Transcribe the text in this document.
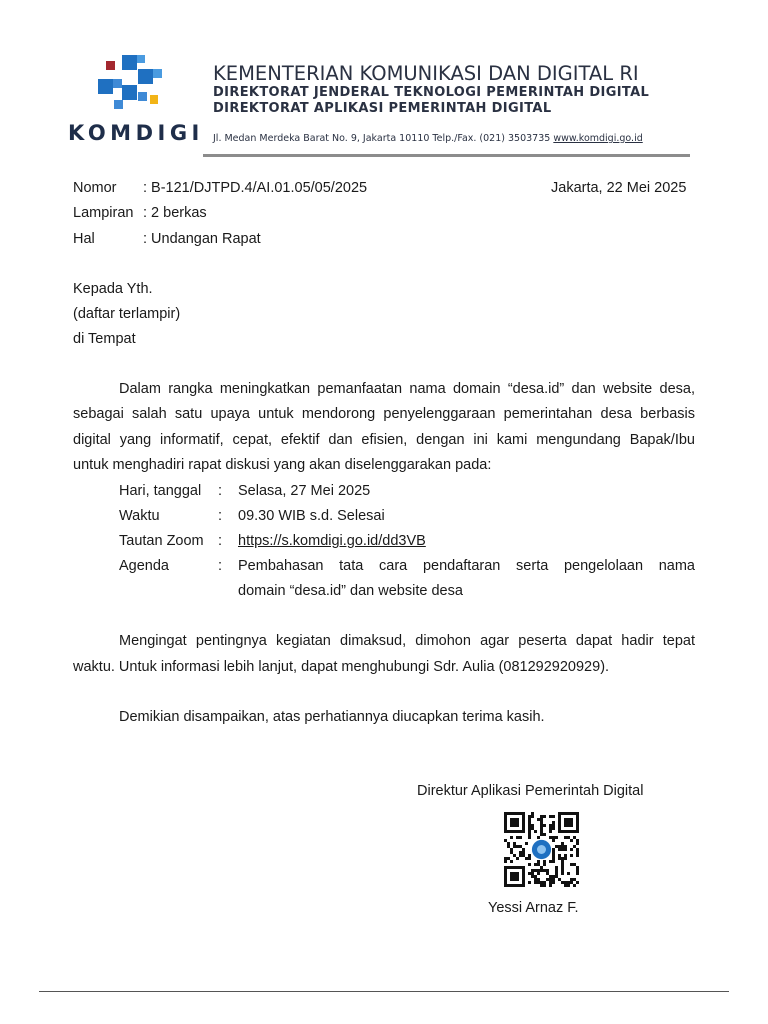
KOMDIGI
KEMENTERIAN KOMUNIKASI DAN DIGITAL RI
DIREKTORAT JENDERAL TEKNOLOGI PEMERINTAH DIGITAL
DIREKTORAT APLIKASI PEMERINTAH DIGITAL
Jl. Medan Merdeka Barat No. 9, Jakarta 10110 Telp./Fax. (021) 3503735 www.komdigi.go.id
Nomor : B-121/DJTPD.4/AI.01.05/05/2025	Jakarta, 22 Mei 2025
Lampiran : 2 berkas
Hal	: Undangan Rapat
Kepada Yth.
(daftar terlampir)
di Tempat
Dalam rangka meningkatkan pemanfaatan nama domain “desa.id” dan website desa,
sebagai salah satu upaya untuk mendorong penyelenggaraan pemerintahan desa berbasis
digital yang informatif, cepat, efektif dan efisien, dengan ini kami mengundang Bapak/Ibu
untuk menghadiri rapat diskusi yang akan diselenggarakan pada:
Hari, tanggal : Selasa, 27 Mei 2025
Waktu	: 09.30 WIB s.d. Selesai
Tautan Zoom : https://s.komdigi.go.id/dd3VB
Agenda	: Pembahasan tata cara pendaftaran serta pengelolaan nama
domain “desa.id” dan website desa
Mengingat pentingnya kegiatan dimaksud, dimohon agar peserta dapat hadir tepat
waktu. Untuk informasi lebih lanjut, dapat menghubungi Sdr. Aulia (081292920929).
Demikian disampaikan, atas perhatiannya diucapkan terima kasih.
Direktur Aplikasi Pemerintah Digital
Yessi Arnaz F.
